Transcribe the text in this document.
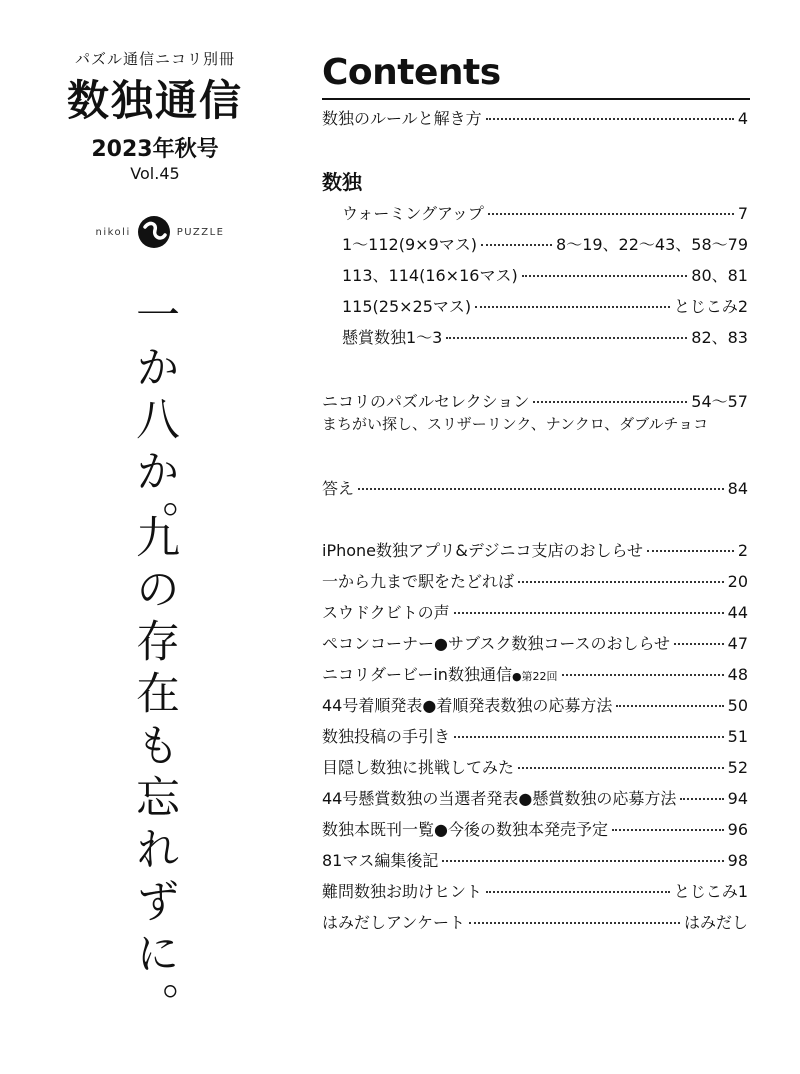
パズル通信ニコリ別冊
数独通信
2023年秋号
Vol.45
nikoli	PUZZLE
一か八か。
九の存在も忘れずに。
Contents
数独のルールと解き方	4
数独
ウォーミングアップ	7
1〜112(9×9マス)	8〜19、22〜43、58〜79
113、114(16×16マス)	80、81
115(25×25マス)	とじこみ2
懸賞数独1〜3	82、83
ニコリのパズルセレクション	54〜57
まちがい探し、スリザーリンク、ナンクロ、ダブルチョコ
答え	84
iPhone数独アプリ&デジニコ支店のおしらせ	2
一から九まで駅をたどれば	20
スウドクビトの声	44
ペコンコーナー●サブスク数独コースのおしらせ	47
ニコリダービーin数独通信●第22回	48
44号着順発表●着順発表数独の応募方法	50
数独投稿の手引き	51
目隠し数独に挑戦してみた	52
44号懸賞数独の当選者発表●懸賞数独の応募方法	94
数独本既刊一覧●今後の数独本発売予定	96
81マス編集後記	98
難問数独お助けヒント	とじこみ1
はみだしアンケート	はみだし
